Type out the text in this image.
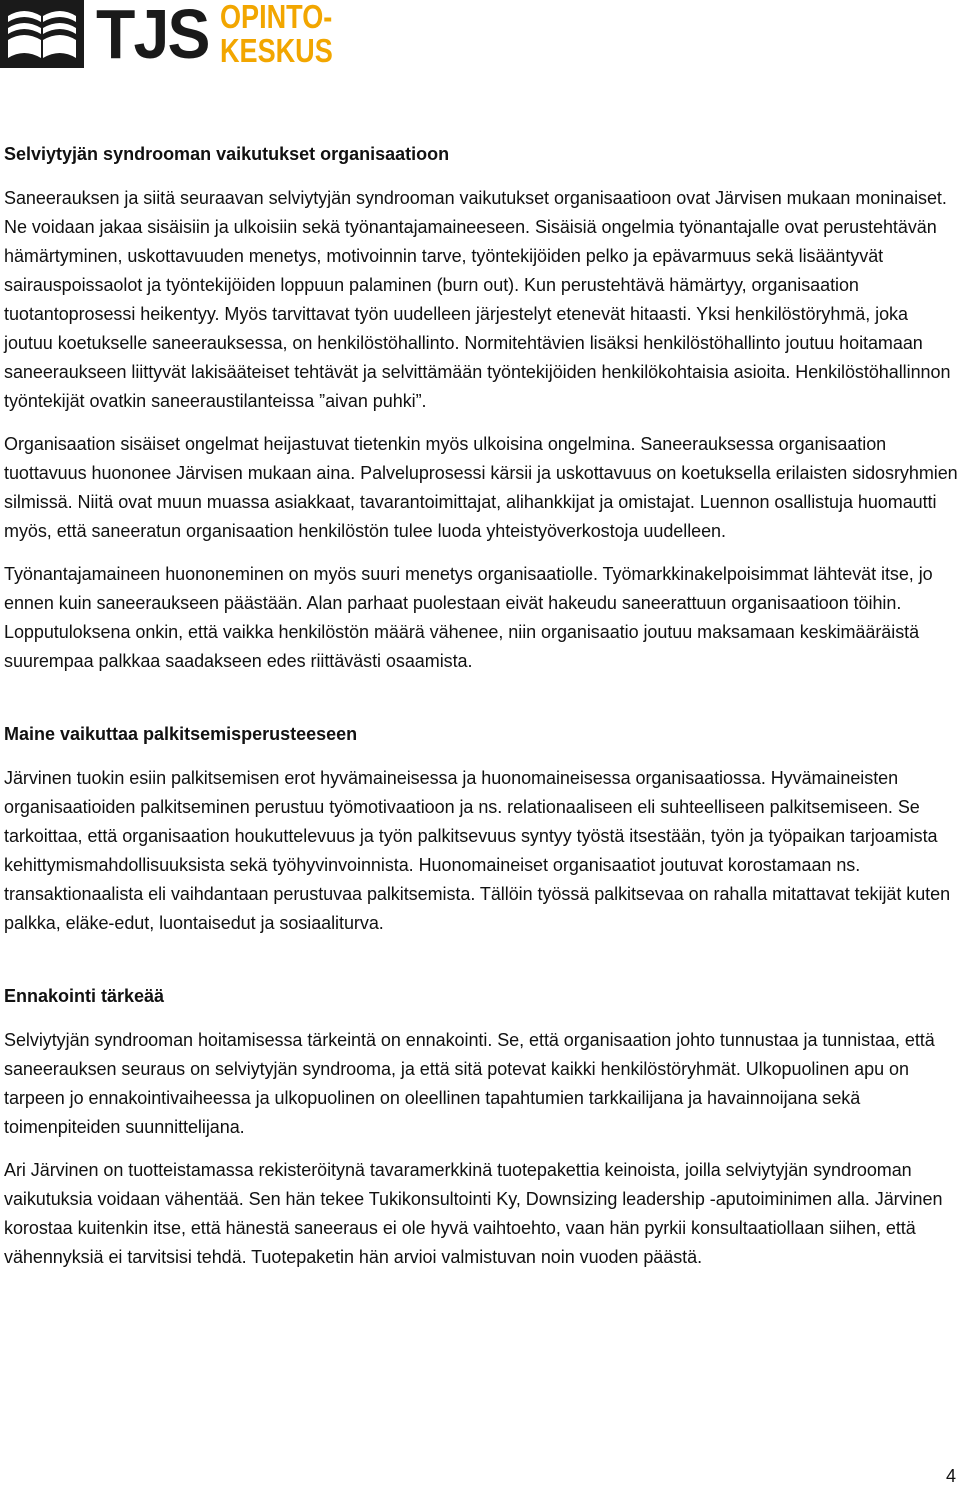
TJS OPINTO-
KESKUS
Selviytyjän syndrooman vaikutukset organisaatioon

Saneerauksen ja siitä seuraavan selviytyjän syndrooman vaikutukset organisaatioon ovat Järvisen mukaan moninaiset. Ne voidaan jakaa sisäisiin ja ulkoisiin sekä työnantajamaineeseen. Sisäisiä ongelmia työnantajalle ovat perustehtävän hämärtyminen, uskottavuuden menetys, motivoinnin tarve, työntekijöiden pelko ja epävarmuus sekä lisääntyvät sairauspoissaolot ja työntekijöiden loppuun palaminen (burn out). Kun perustehtävä hämärtyy, organisaation tuotantoprosessi heikentyy. Myös tarvittavat työn uudelleen järjestelyt etenevät hitaasti. Yksi henkilöstöryhmä, joka joutuu koetukselle saneerauksessa, on henkilöstöhallinto. Normitehtävien lisäksi henkilöstöhallinto joutuu hoitamaan saneeraukseen liittyvät lakisääteiset tehtävät ja selvittämään työntekijöiden henkilökohtaisia asioita. Henkilöstöhallinnon työntekijät ovatkin saneeraustilanteissa ”aivan puhki”.

Organisaation sisäiset ongelmat heijastuvat tietenkin myös ulkoisina ongelmina. Saneerauksessa organisaation tuottavuus huononee Järvisen mukaan aina. Palveluprosessi kärsii ja uskottavuus on koetuksella erilaisten sidosryhmien silmissä. Niitä ovat muun muassa asiakkaat, tavarantoimittajat, alihankkijat ja omistajat. Luennon osallistuja huomautti myös, että saneeratun organisaation henkilöstön tulee luoda yhteistyöverkostoja uudelleen.

Työnantajamaineen huononeminen on myös suuri menetys organisaatiolle. Työmarkkinakelpoisimmat lähtevät itse, jo ennen kuin saneeraukseen päästään. Alan parhaat puolestaan eivät hakeudu saneerattuun organisaatioon töihin. Lopputuloksena onkin, että vaikka henkilöstön määrä vähenee, niin organisaatio joutuu maksamaan keskimääräistä suurempaa palkkaa saadakseen edes riittävästi osaamista.

Maine vaikuttaa palkitsemisperusteeseen

Järvinen tuokin esiin palkitsemisen erot hyvämaineisessa ja huonomaineisessa organisaatiossa. Hyvämaineisten organisaatioiden palkitseminen perustuu työmotivaatioon ja ns. relationaaliseen eli suhteelliseen palkitsemiseen. Se tarkoittaa, että organisaation houkuttelevuus ja työn palkitsevuus syntyy työstä itsestään, työn ja työpaikan tarjoamista kehittymismahdollisuuksista sekä työhyvinvoinnista. Huonomaineiset organisaatiot joutuvat korostamaan ns. transaktionaalista eli vaihdantaan perustuvaa palkitsemista. Tällöin työssä palkitsevaa on rahalla mitattavat tekijät kuten palkka, eläke-edut, luontaisedut ja sosiaaliturva.

Ennakointi tärkeää

Selviytyjän syndrooman hoitamisessa tärkeintä on ennakointi. Se, että organisaation johto tunnustaa ja tunnistaa, että saneerauksen seuraus on selviytyjän syndrooma, ja että sitä potevat kaikki henkilöstöryhmät. Ulkopuolinen apu on tarpeen jo ennakointivaiheessa ja ulkopuolinen on oleellinen tapahtumien tarkkailijana ja havainnoijana sekä toimenpiteiden suunnittelijana.

Ari Järvinen on tuotteistamassa rekisteröitynä tavaramerkkinä tuotepakettia keinoista, joilla selviytyjän syndrooman vaikutuksia voidaan vähentää. Sen hän tekee Tukikonsultointi Ky, Downsizing leadership -aputoiminimen alla. Järvinen korostaa kuitenkin itse, että hänestä saneeraus ei ole hyvä vaihtoehto, vaan hän pyrkii konsultaatiollaan siihen, että vähennyksiä ei tarvitsisi tehdä. Tuotepaketin hän arvioi valmistuvan noin vuoden päästä.

4
